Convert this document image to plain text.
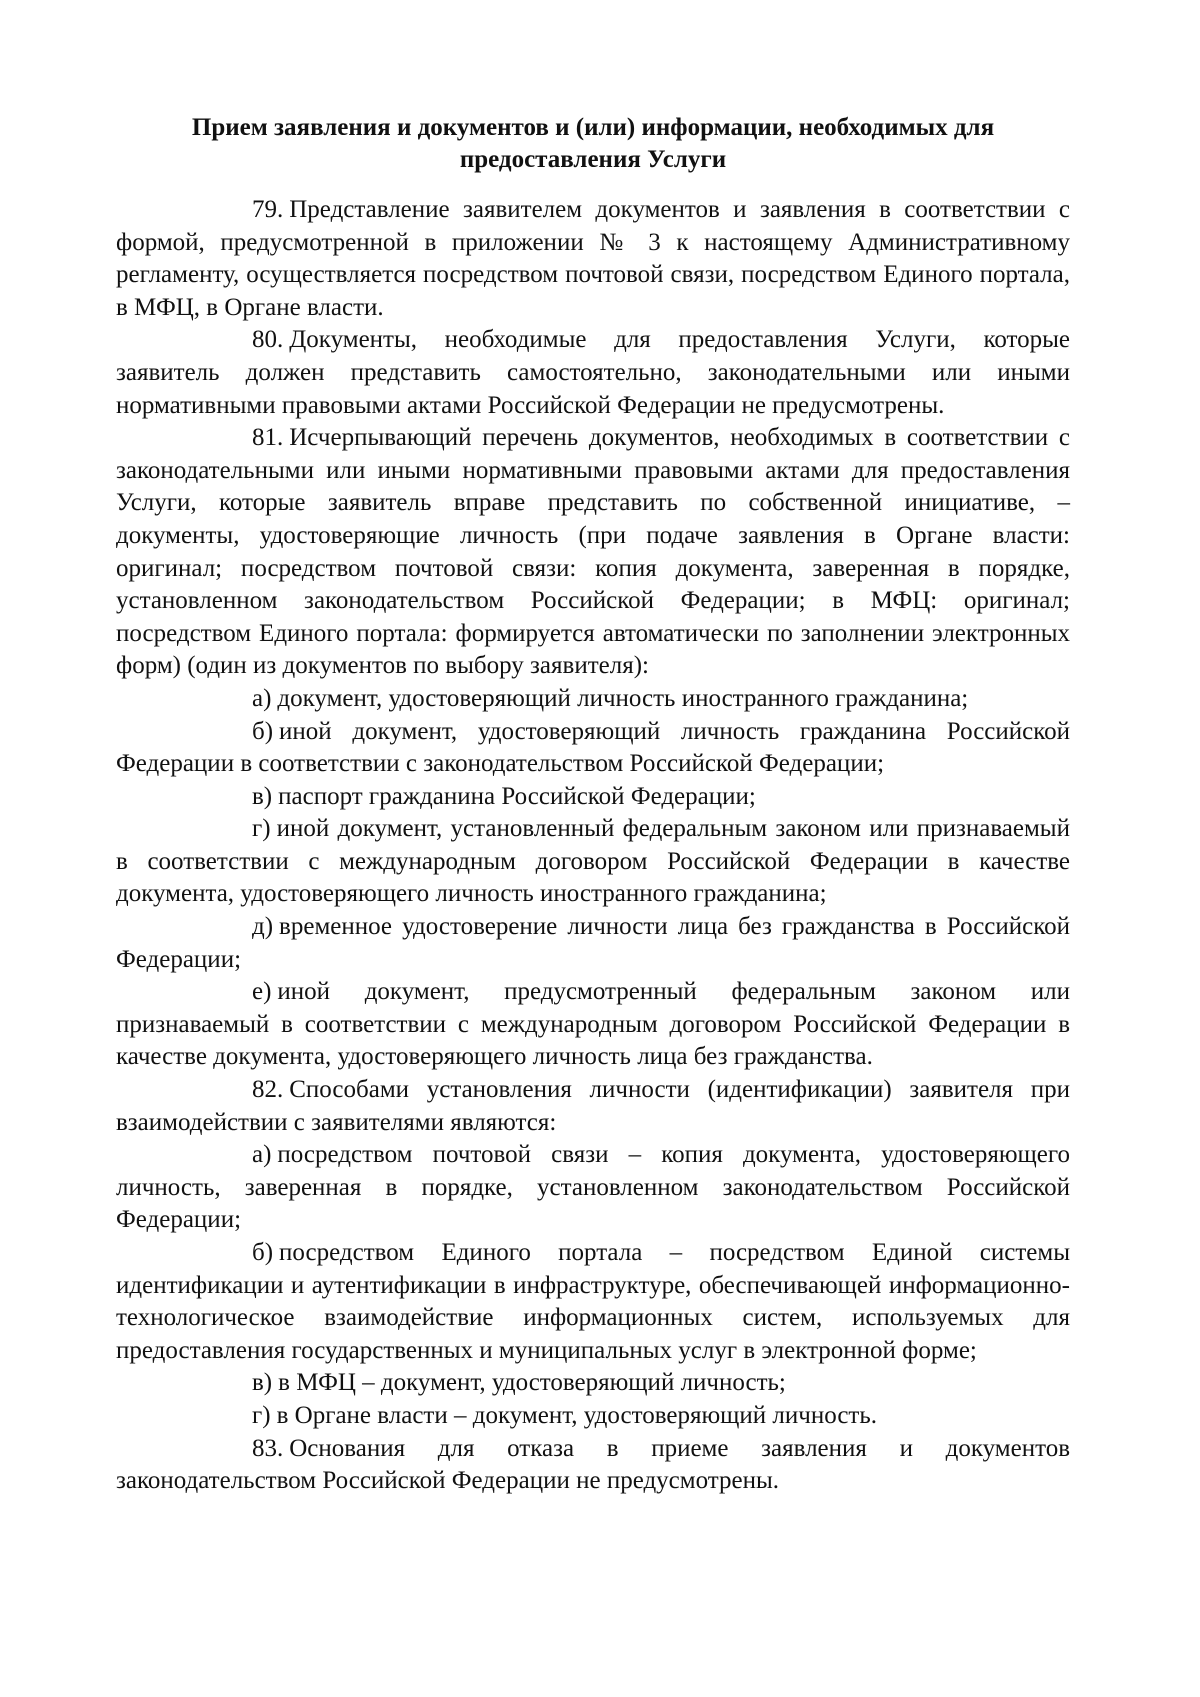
Прием заявления и документов и (или) информации, необходимых для
предоставления Услуги

79. Представление заявителем документов и заявления в соответствии с формой, предусмотренной в приложении № 3 к настоящему Административному регламенту, осуществляется посредством почтовой связи, посредством Единого портала, в МФЦ, в Органе власти.

80. Документы, необходимые для предоставления Услуги, которые заявитель должен представить самостоятельно, законодательными или иными нормативными правовыми актами Российской Федерации не предусмотрены.

81. Исчерпывающий перечень документов, необходимых в соответствии с законодательными или иными нормативными правовыми актами для предоставления Услуги, которые заявитель вправе представить по собственной инициативе, – документы, удостоверяющие личность (при подаче заявления в Органе власти: оригинал; посредством почтовой связи: копия документа, заверенная в порядке, установленном законодательством Российской Федерации; в МФЦ: оригинал; посредством Единого портала: формируется автоматически по заполнении электронных форм) (один из документов по выбору заявителя):

а) документ, удостоверяющий личность иностранного гражданина;

б) иной документ, удостоверяющий личность гражданина Российской Федерации в соответствии с законодательством Российской Федерации;

в) паспорт гражданина Российской Федерации;

г) иной документ, установленный федеральным законом или признаваемый в соответствии с международным договором Российской Федерации в качестве документа, удостоверяющего личность иностранного гражданина;

д) временное удостоверение личности лица без гражданства в Российской Федерации;

е) иной документ, предусмотренный федеральным законом или признаваемый в соответствии с международным договором Российской Федерации в качестве документа, удостоверяющего личность лица без гражданства.

82. Способами установления личности (идентификации) заявителя при взаимодействии с заявителями являются:

а) посредством почтовой связи – копия документа, удостоверяющего личность, заверенная в порядке, установленном законодательством Российской Федерации;

б) посредством Единого портала – посредством Единой системы идентификации и аутентификации в инфраструктуре, обеспечивающей информационно-технологическое взаимодействие информационных систем, используемых для предоставления государственных и муниципальных услуг в электронной форме;

в) в МФЦ – документ, удостоверяющий личность;

г) в Органе власти – документ, удостоверяющий личность.

83. Основания для отказа в приеме заявления и документов законодательством Российской Федерации не предусмотрены.
